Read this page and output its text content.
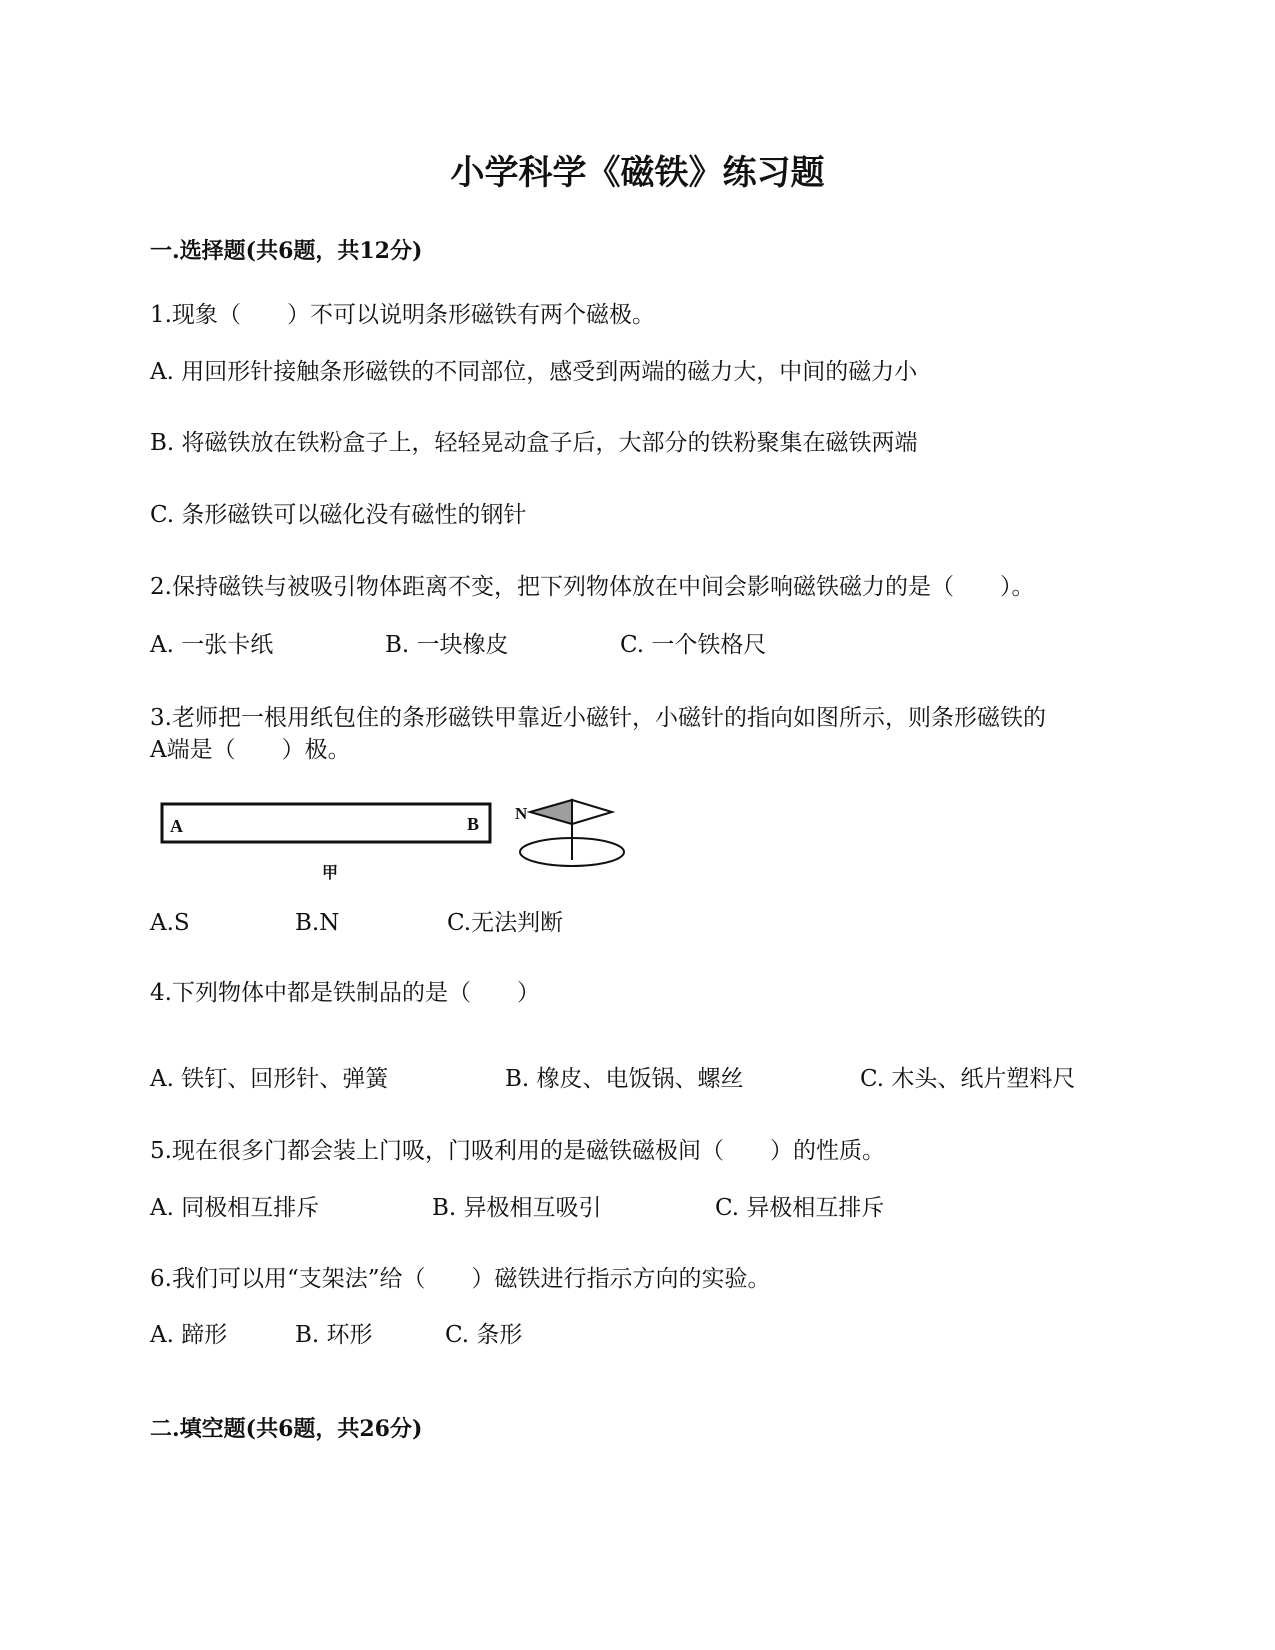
小学科学《磁铁》练习题
一.选择题(共6题，共12分)
1.现象（　　）不可以说明条形磁铁有两个磁极。
A. 用回形针接触条形磁铁的不同部位，感受到两端的磁力大，中间的磁力小
B. 将磁铁放在铁粉盒子上，轻轻晃动盒子后，大部分的铁粉聚集在磁铁两端
C. 条形磁铁可以磁化没有磁性的钢针
2.保持磁铁与被吸引物体距离不变，把下列物体放在中间会影响磁铁磁力的是（　　）。
A. 一张卡纸	B. 一块橡皮	C. 一个铁格尺
3.老师把一根用纸包住的条形磁铁甲靠近小磁针，小磁针的指向如图所示，则条形磁铁的
A端是（　　）极。
A	B
甲
N
A.S	B.N	C.无法判断
4.下列物体中都是铁制品的是（　　）
A. 铁钉、回形针、弹簧	B. 橡皮、电饭锅、螺丝	C. 木头、纸片塑料尺
5.现在很多门都会装上门吸，门吸利用的是磁铁磁极间（　　）的性质。
A. 同极相互排斥	B. 异极相互吸引	C. 异极相互排斥
6.我们可以用“支架法”给（　　）磁铁进行指示方向的实验。
A. 蹄形	B. 环形	C. 条形
二.填空题(共6题，共26分)
